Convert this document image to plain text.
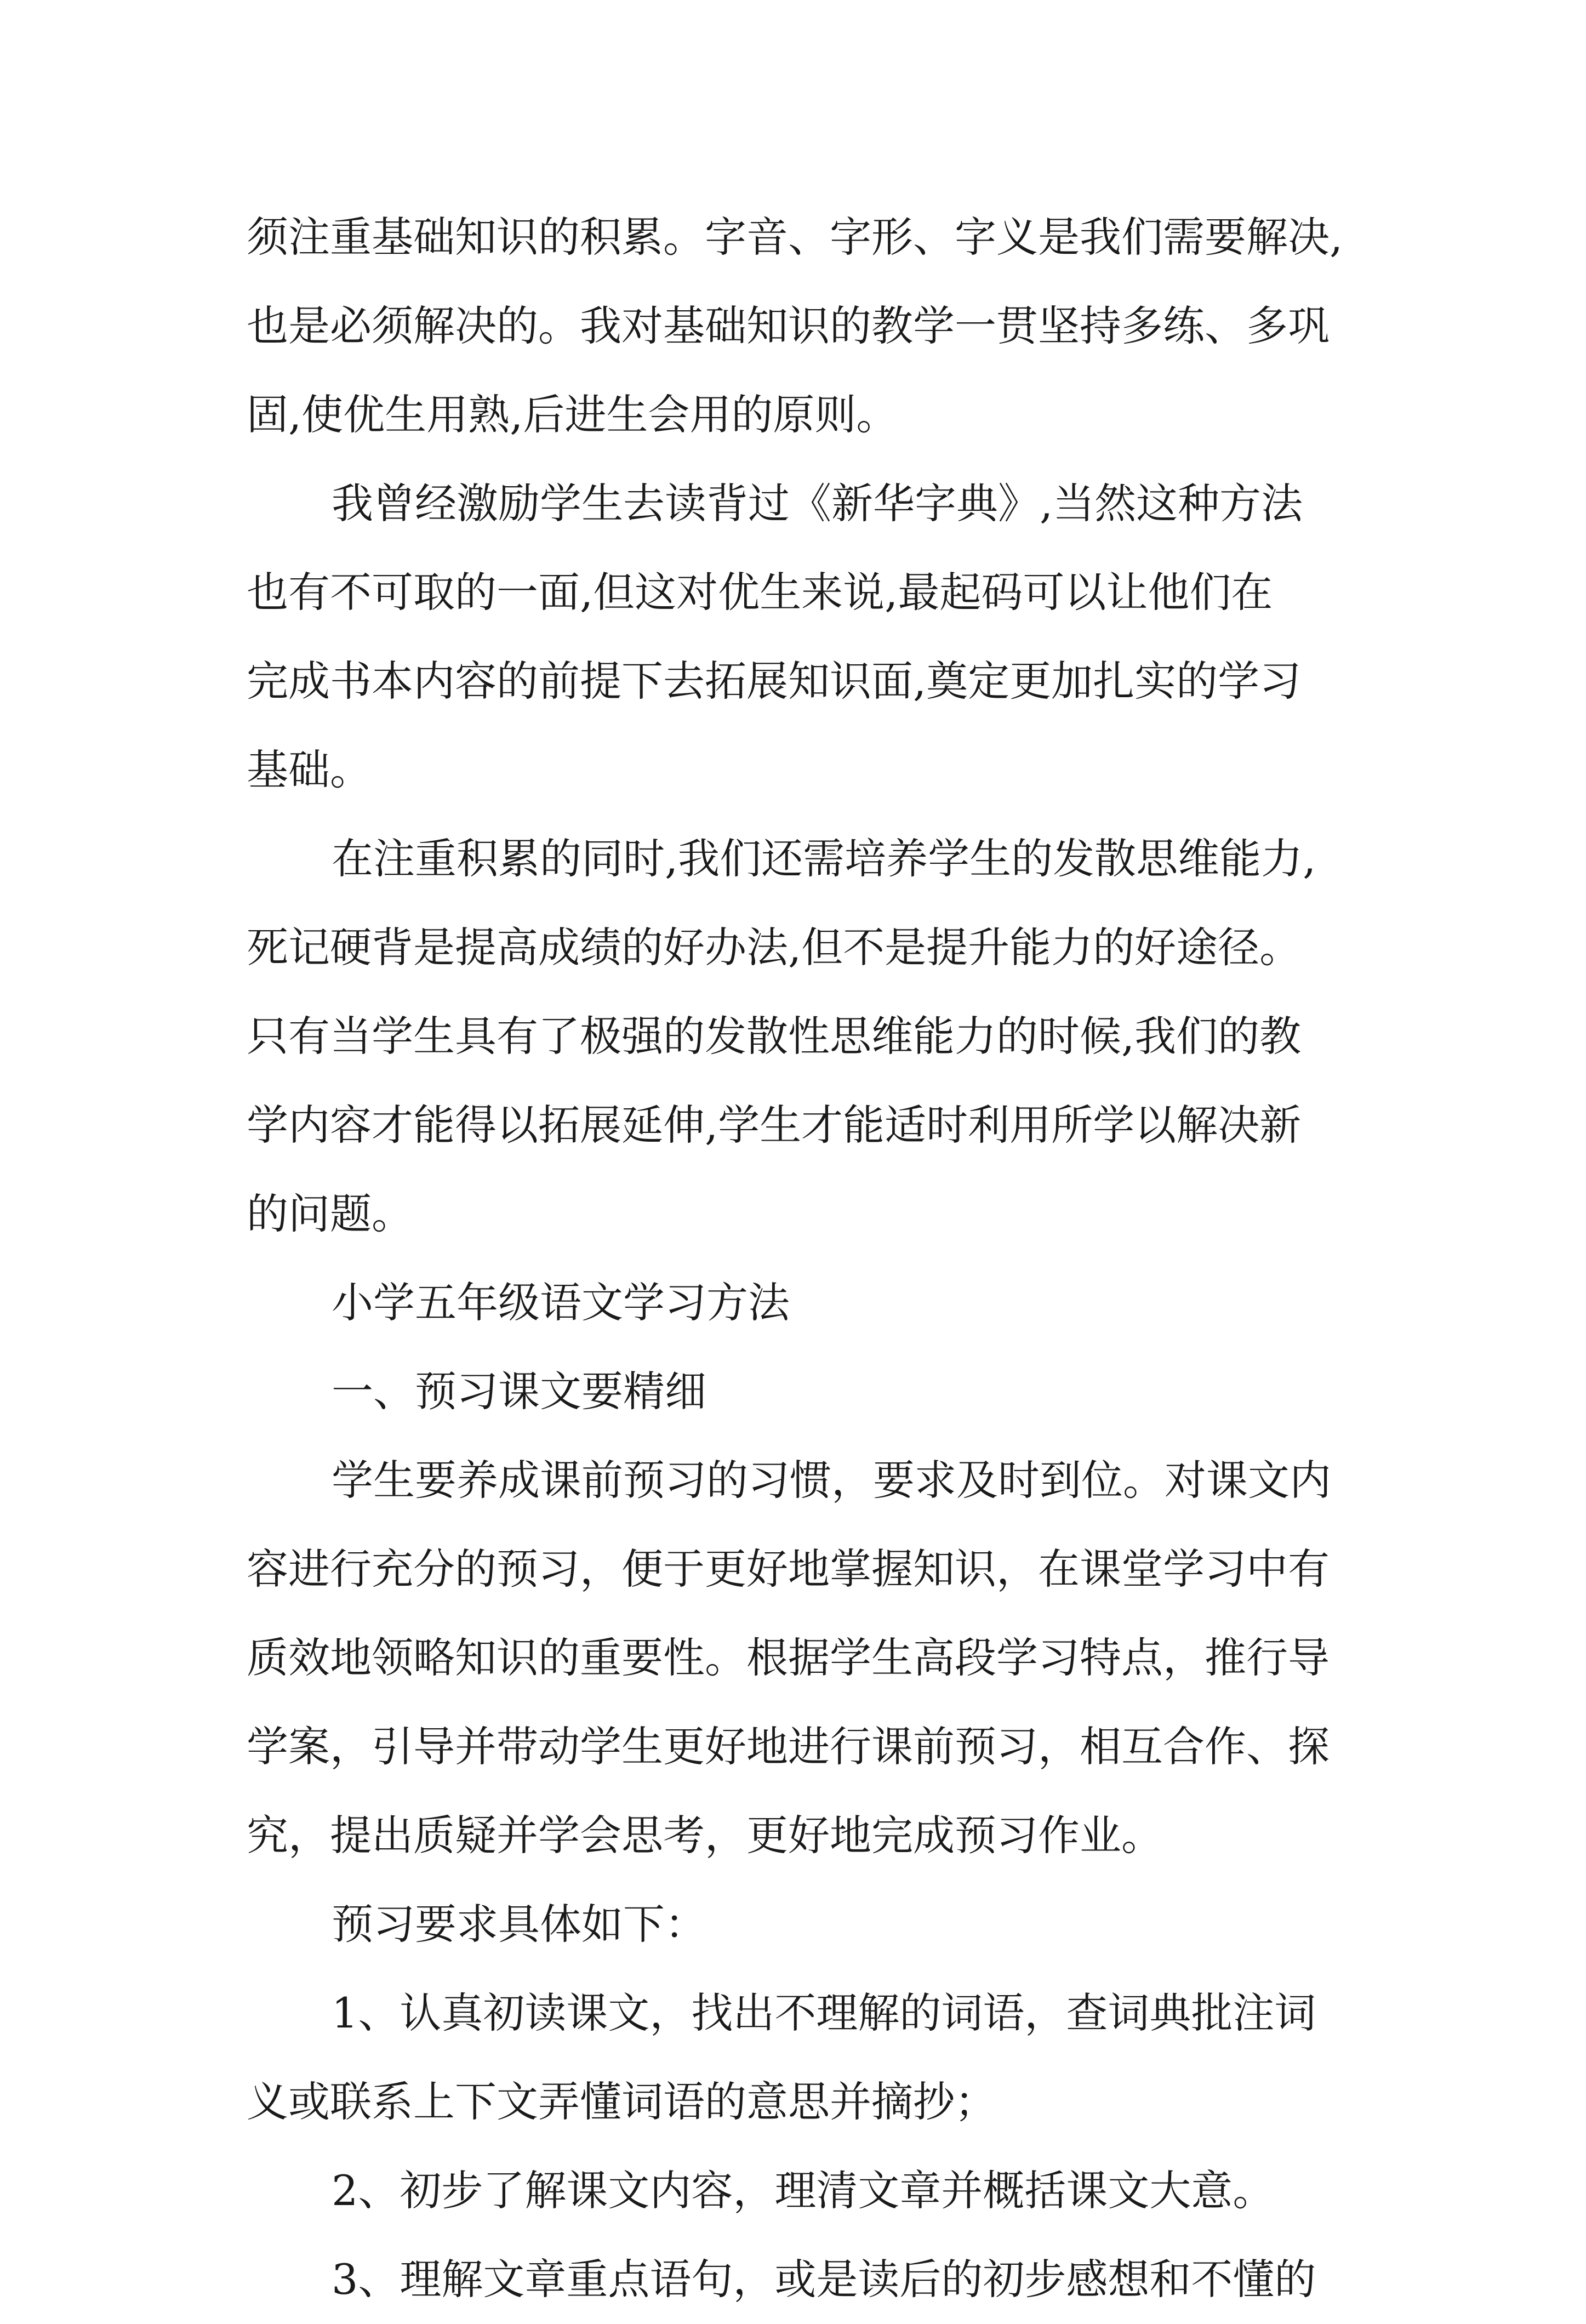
须注重基础知识的积累。字音、字形、字义是我们需要解决,
也是必须解决的。我对基础知识的教学一贯坚持多练、多巩
固,使优生用熟,后进生会用的原则。
我曾经激励学生去读背过《新华字典》,当然这种方法
也有不可取的一面,但这对优生来说,最起码可以让他们在
完成书本内容的前提下去拓展知识面,奠定更加扎实的学习
基础。
在注重积累的同时,我们还需培养学生的发散思维能力,
死记硬背是提高成绩的好办法,但不是提升能力的好途径。
只有当学生具有了极强的发散性思维能力的时候,我们的教
学内容才能得以拓展延伸,学生才能适时利用所学以解决新
的问题。
小学五年级语文学习方法
一、预习课文要精细
学生要养成课前预习的习惯，要求及时到位。对课文内
容进行充分的预习，便于更好地掌握知识，在课堂学习中有
质效地领略知识的重要性。根据学生高段学习特点，推行导
学案，引导并带动学生更好地进行课前预习，相互合作、探
究，提出质疑并学会思考，更好地完成预习作业。
预习要求具体如下：
1、认真初读课文，找出不理解的词语，查词典批注词
义或联系上下文弄懂词语的意思并摘抄；
2、初步了解课文内容，理清文章并概括课文大意。
3、理解文章重点语句，或是读后的初步感想和不懂的
